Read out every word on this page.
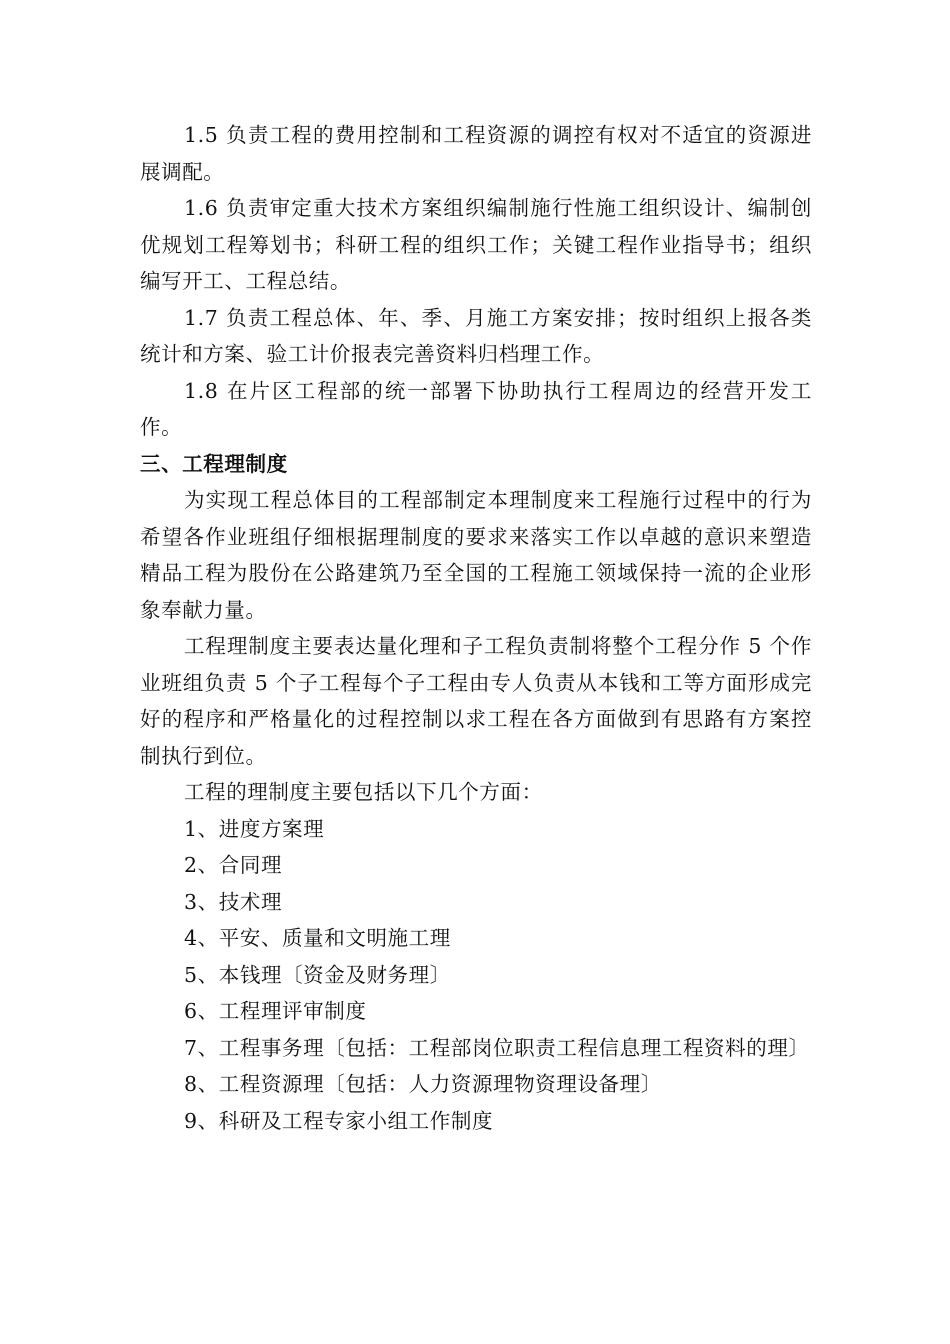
1.5 负责工程的费用控制和工程资源的调控有权对不适宜的资源进展调配。

1.6 负责审定重大技术方案组织编制施行性施工组织设计、编制创优规划工程筹划书；科研工程的组织工作；关键工程作业指导书；组织编写开工、工程总结。

1.7 负责工程总体、年、季、月施工方案安排；按时组织上报各类统计和方案、验工计价报表完善资料归档理工作。

1.8 在片区工程部的统一部署下协助执行工程周边的经营开发工作。

三、工程理制度

为实现工程总体目的工程部制定本理制度来工程施行过程中的行为希望各作业班组仔细根据理制度的要求来落实工作以卓越的意识来塑造精品工程为股份在公路建筑乃至全国的工程施工领域保持一流的企业形象奉献力量。

工程理制度主要表达量化理和子工程负责制将整个工程分作 5 个作业班组负责 5 个子工程每个子工程由专人负责从本钱和工等方面形成完好的程序和严格量化的过程控制以求工程在各方面做到有思路有方案控制执行到位。

工程的理制度主要包括以下几个方面：

1、进度方案理

2、合同理

3、技术理

4、平安、质量和文明施工理

5、本钱理〔资金及财务理〕

6、工程理评审制度

7、工程事务理〔包括：工程部岗位职责工程信息理工程资料的理〕

8、工程资源理〔包括：人力资源理物资理设备理〕

9、科研及工程专家小组工作制度
